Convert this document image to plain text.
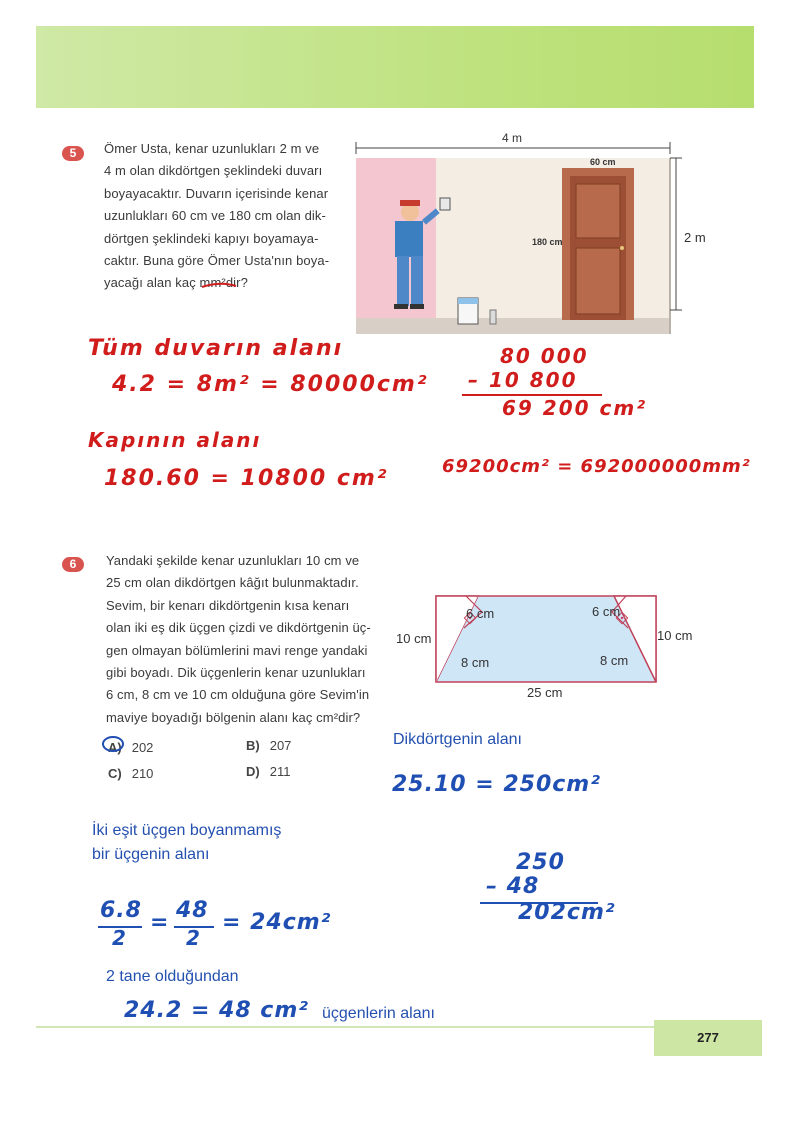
5	Ömer Usta, kenar uzunlukları 2 m ve
4 m olan dikdörtgen şeklindeki duvarı
boyayacaktır. Duvarın içerisinde kenar
uzunlukları 60 cm ve 180 cm olan dik-
dörtgen şeklindeki kapıyı boyamaya-
caktır. Buna göre Ömer Usta'nın boya-
yacağı alan kaç mm²dir?
4 m
2 m
60 cm
180 cm
Tüm duvarın alanı
4.2 = 8m² = 80000cm²
Kapının alanı
180.60 = 10800 cm²
80 000
– 10 800
69 200 cm²
69200cm² = 692000000mm²
6	Yandaki şekilde kenar uzunlukları 10 cm ve
25 cm olan dikdörtgen kâğıt bulunmaktadır.
Sevim, bir kenarı dikdörtgenin kısa kenarı
olan iki eş dik üçgen çizdi ve dikdörtgenin üç-
gen olmayan bölümlerini mavi renge yandaki
gibi boyadı. Dik üçgenlerin kenar uzunlukları
6 cm, 8 cm ve 10 cm olduğuna göre Sevim'in
maviye boyadığı bölgenin alanı kaç cm²dir?
A) 202	B) 207
C) 210	D) 211
10 cm	10 cm
25 cm
6 cm
8 cm
6 cm
8 cm
Dikdörtgenin alanı
25.10 = 250cm²
İki eşit üçgen boyanmamış
bir üçgenin alanı
6.8
2
= 48
2
= 24cm²
250
– 48
202cm²
2 tane olduğundan
24.2 = 48 cm² üçgenlerin alanı
277
